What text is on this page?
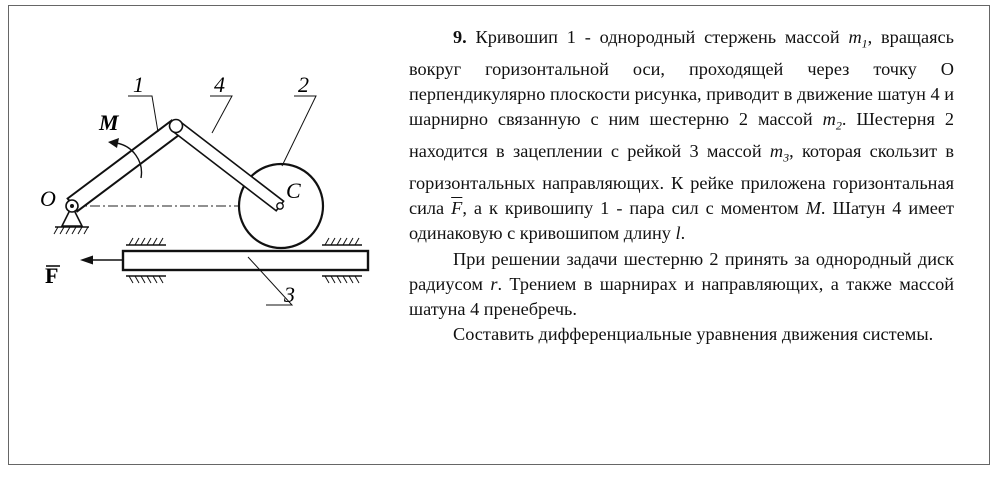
1	4	2
3
M
O	C
F

9. Кривошип 1 - однородный стержень массой $m_1$, вращаясь вокруг горизонтальной оси, проходящей через точку О перпендикулярно плоскости рисунка, приводит в движение шатун 4 и шарнирно связанную с ним шестерню 2 массой $m_2$. Шестерня 2 находится в зацеплении с рейкой 3 массой $m_3$, которая скользит в горизонтальных направляющих. К рейке приложена горизонтальная сила $\overline{F}$, а к кривошипу 1 - пара сил с моментом M. Шатун 4 имеет одинаковую с кривошипом длину l.

При решении задачи шестерню 2 принять за однородный диск радиусом r. Трением в шарнирах и направляющих, а также массой шатуна 4 пренебречь.

Составить дифференциальные уравнения движения системы.
